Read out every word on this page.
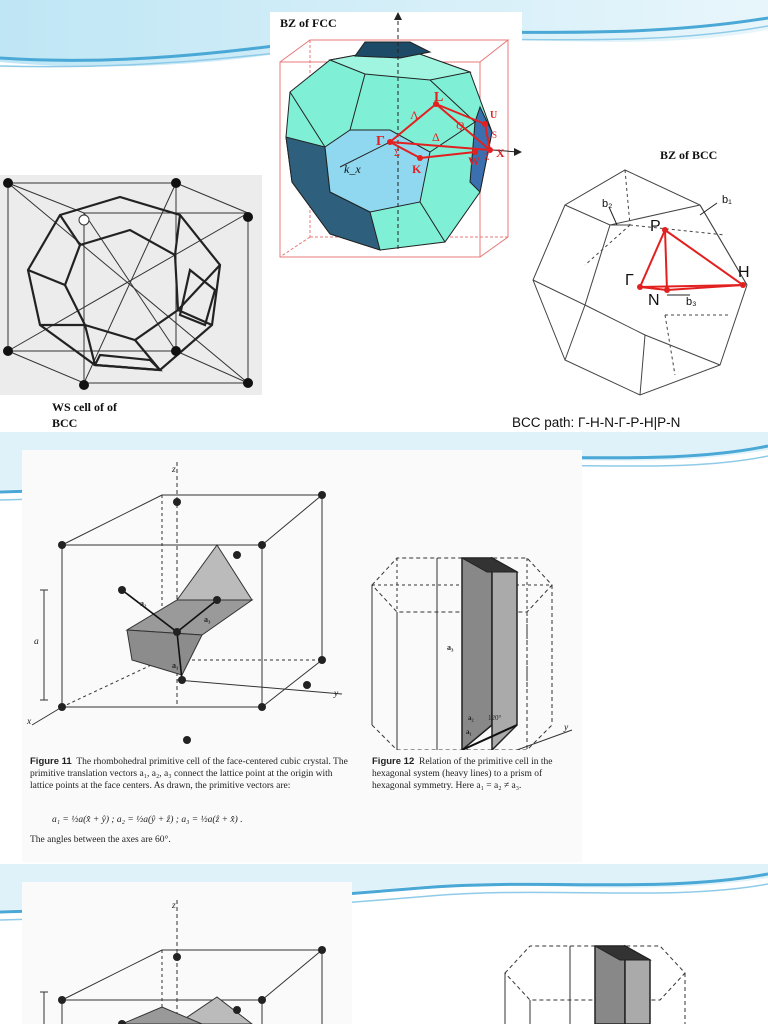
BZ of FCC
L
Γ
K
W
X
U
Λ
Δ
Σ
Q
S
Z
k_x
WS cell of of
BCC
BZ of BCC
P
Γ
N
H
b₁
b₂
b₃
BCC path: Γ-H-N-Γ-P-H|P-N
z
y
x
a
a₂
a₁
a₃
a₃
a₁
a₂ 120°
y
Figure 11 The rhombohedral primitive cell of the face-centered cubic crystal. The primitive translation vectors a₁, a₂, a₃ connect the lattice point at the origin with lattice points at the face centers. As drawn, the primitive vectors are:
a₁ = ½a(x̂ + ŷ) ; a₂ = ½a(ŷ + ẑ) ; a₃ = ½a(ẑ + x̂) .
The angles between the axes are 60°.
Figure 12 Relation of the primitive cell in the hexagonal system (heavy lines) to a prism of hexagonal symmetry. Here a₁ = a₂ ≠ a₃.
z
